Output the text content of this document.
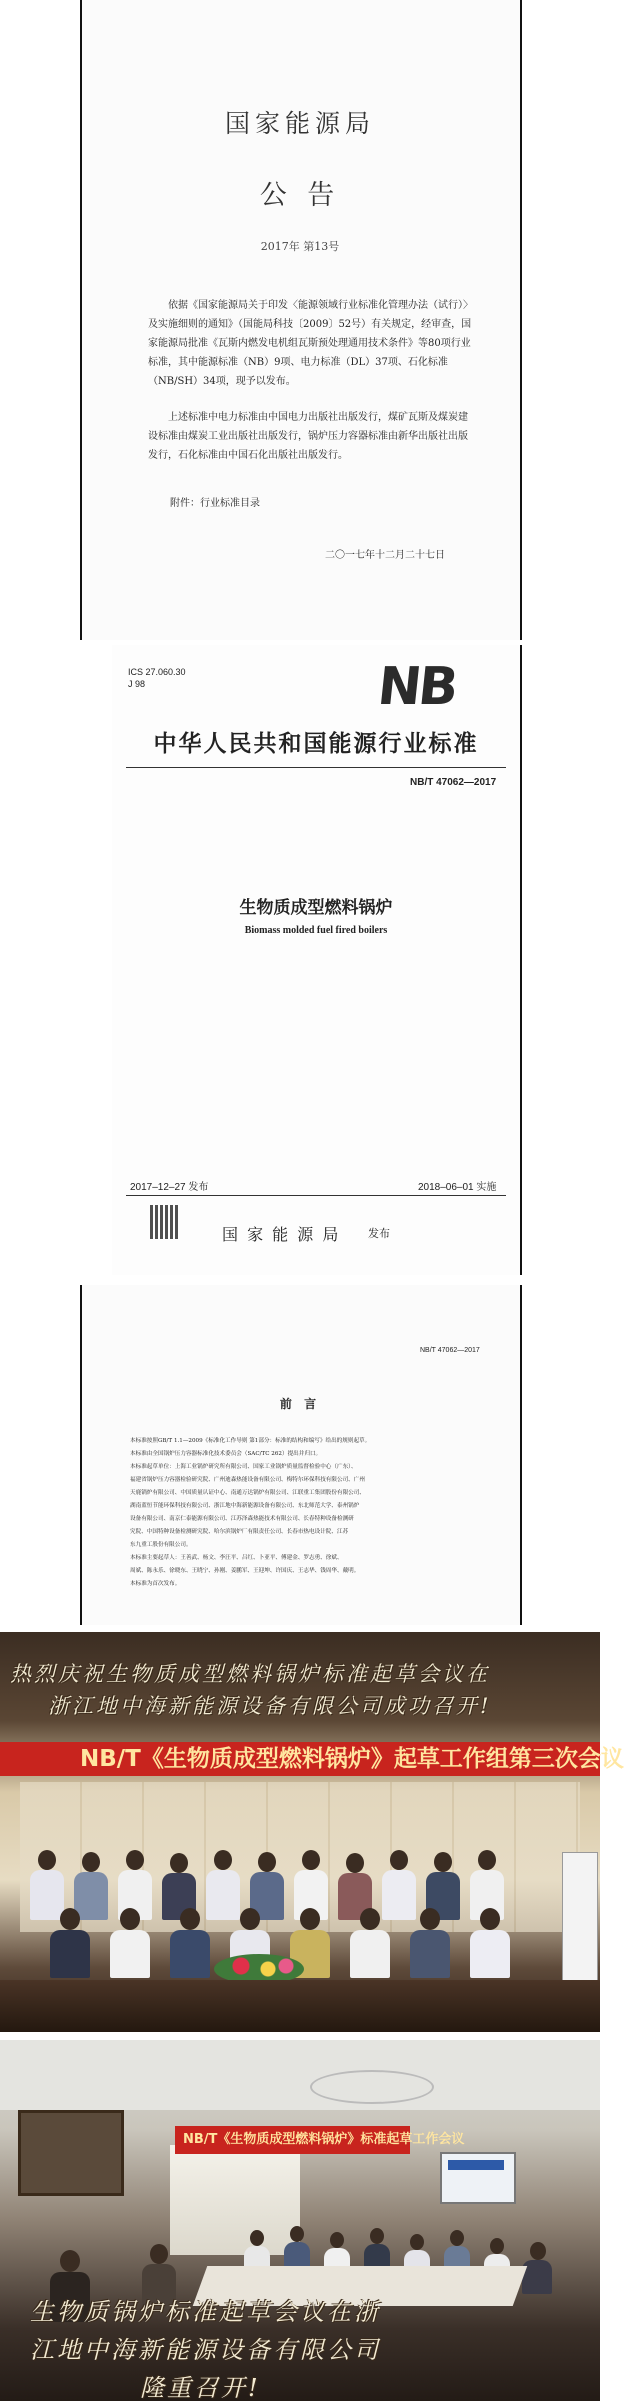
国家能源局
公 告
2017年 第13号
依据《国家能源局关于印发〈能源领域行业标准化管理办法（试行）〉及实施细则的通知》（国能局科技〔2009〕52号）有关规定，经审查，国家能源局批准《瓦斯内燃发电机组瓦斯预处理通用技术条件》等80项行业标准，其中能源标准（NB）9项、电力标准（DL）37项、石化标准（NB/SH）34项，现予以发布。
上述标准中电力标准由中国电力出版社出版发行，煤矿瓦斯及煤炭建设标准由煤炭工业出版社出版发行，锅炉压力容器标准由新华出版社出版发行，石化标准由中国石化出版社出版发行。
附件：行业标准目录
二〇一七年十二月二十七日
ICS 27.060.30
J 98	NB
中华人民共和国能源行业标准
NB/T 47062—2017
生物质成型燃料锅炉
Biomass molded fuel fired boilers
2017–12–27 发布	2018–06–01 实施
国 家 能 源 局	发布
NB/T 47062—2017
前 言
本标准按照GB/T 1.1—2009《标准化工作导则 第1部分：标准的结构和编写》给出的规则起草。
本标准由全国锅炉压力容器标准化技术委员会（SAC/TC 262）提出并归口。
本标准起草单位：上海工业锅炉研究所有限公司、国家工业锅炉质量监督检验中心（广东）、
福建省锅炉压力容器检验研究院、广州迪森热能设备有限公司、梅特尔环保科技有限公司、广州
天鹿锅炉有限公司、中国质量认证中心、南通万达锅炉有限公司、江联重工集团股份有限公司、
湖南蓝恒节能环保科技有限公司、浙江地中海新能源设备有限公司、东北师范大学、泰州锅炉
设备有限公司、南京仁泰能源有限公司、江苏泽森热能技术有限公司、长春特种设备检测研
究院、中国特种设备检测研究院、哈尔滨锅炉厂有限责任公司、长春市热电设计院、江苏
东九重工股份有限公司。
本标准主要起草人：王善武、杨文、李汪平、吕红、卜亚平、傅建金、罗志勇、徐斌、
周斌、陈永乐、徐晓东、王晓宁、孙刚、姜鹏军、王迎坤、许国庆、王志华、钱周华、戴明。
本标准为首次发布。
热烈庆祝生物质成型燃料锅炉标准起草会议在
浙江地中海新能源设备有限公司成功召开!
NB/T《生物质成型燃料锅炉》起草工作组第三次会议
NB/T《生物质成型燃料锅炉》标准起草工作会议
生物质锅炉标准起草会议在浙
江地中海新能源设备有限公司
隆重召开!
